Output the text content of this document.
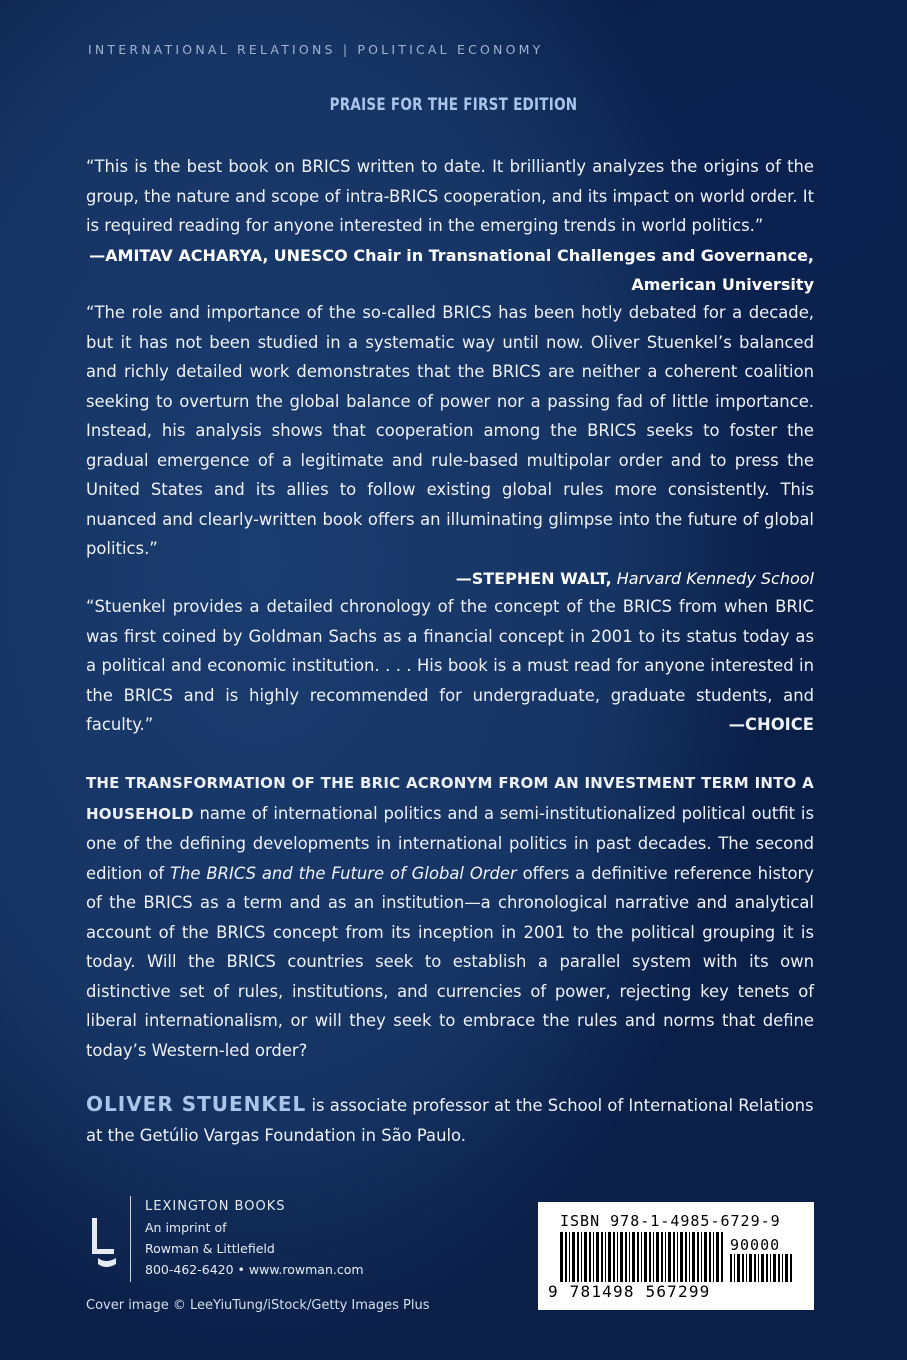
INTERNATIONAL RELATIONS | POLITICAL ECONOMY
PRAISE FOR THE FIRST EDITION

“This is the best book on BRICS written to date. It brilliantly analyzes the origins of the group, the nature and scope of intra-BRICS cooperation, and its impact on world order. It is required reading for anyone interested in the emerging trends in world politics.”

—AMITAV ACHARYA, UNESCO Chair in Transnational Challenges and Governance, American University

“The role and importance of the so-called BRICS has been hotly debated for a decade, but it has not been studied in a systematic way until now. Oliver Stuenkel’s balanced and richly detailed work demonstrates that the BRICS are neither a coherent coalition seeking to overturn the global balance of power nor a passing fad of little importance. Instead, his analysis shows that cooperation among the BRICS seeks to foster the gradual emergence of a legitimate and rule-based multipolar order and to press the United States and its allies to follow existing global rules more consistently. This nuanced and clearly-written book offers an illuminating glimpse into the future of global politics.”

—STEPHEN WALT, Harvard Kennedy School

“Stuenkel provides a detailed chronology of the concept of the BRICS from when BRIC was first coined by Goldman Sachs as a financial concept in 2001 to its status today as a political and economic institution. . . . His book is a must read for anyone interested in the BRICS and is highly recommended for undergraduate, graduate students, and faculty.”	—CHOICE

THE TRANSFORMATION OF THE BRIC ACRONYM FROM AN INVESTMENT TERM INTO A HOUSEHOLD name of international politics and a semi-institutionalized political outfit is one of the defining developments in international politics in past decades. The second edition of The BRICS and the Future of Global Order offers a definitive reference history of the BRICS as a term and as an institution—a chronological narrative and analytical account of the BRICS concept from its inception in 2001 to the political grouping it is today. Will the BRICS countries seek to establish a parallel system with its own distinctive set of rules, institutions, and currencies of power, rejecting key tenets of liberal internationalism, or will they seek to embrace the rules and norms that define today’s Western-led order?

OLIVER STUENKEL is associate professor at the School of International Relations at the Getúlio Vargas Foundation in São Paulo.
LEXINGTON BOOKS
An imprint of
Rowman & Littlefield
800-462-6420 • www.rowman.com
Cover image © LeeYiuTung/iStock/Getty Images Plus
ISBN 978-1-4985-6729-9
90000
9 781498 567299
